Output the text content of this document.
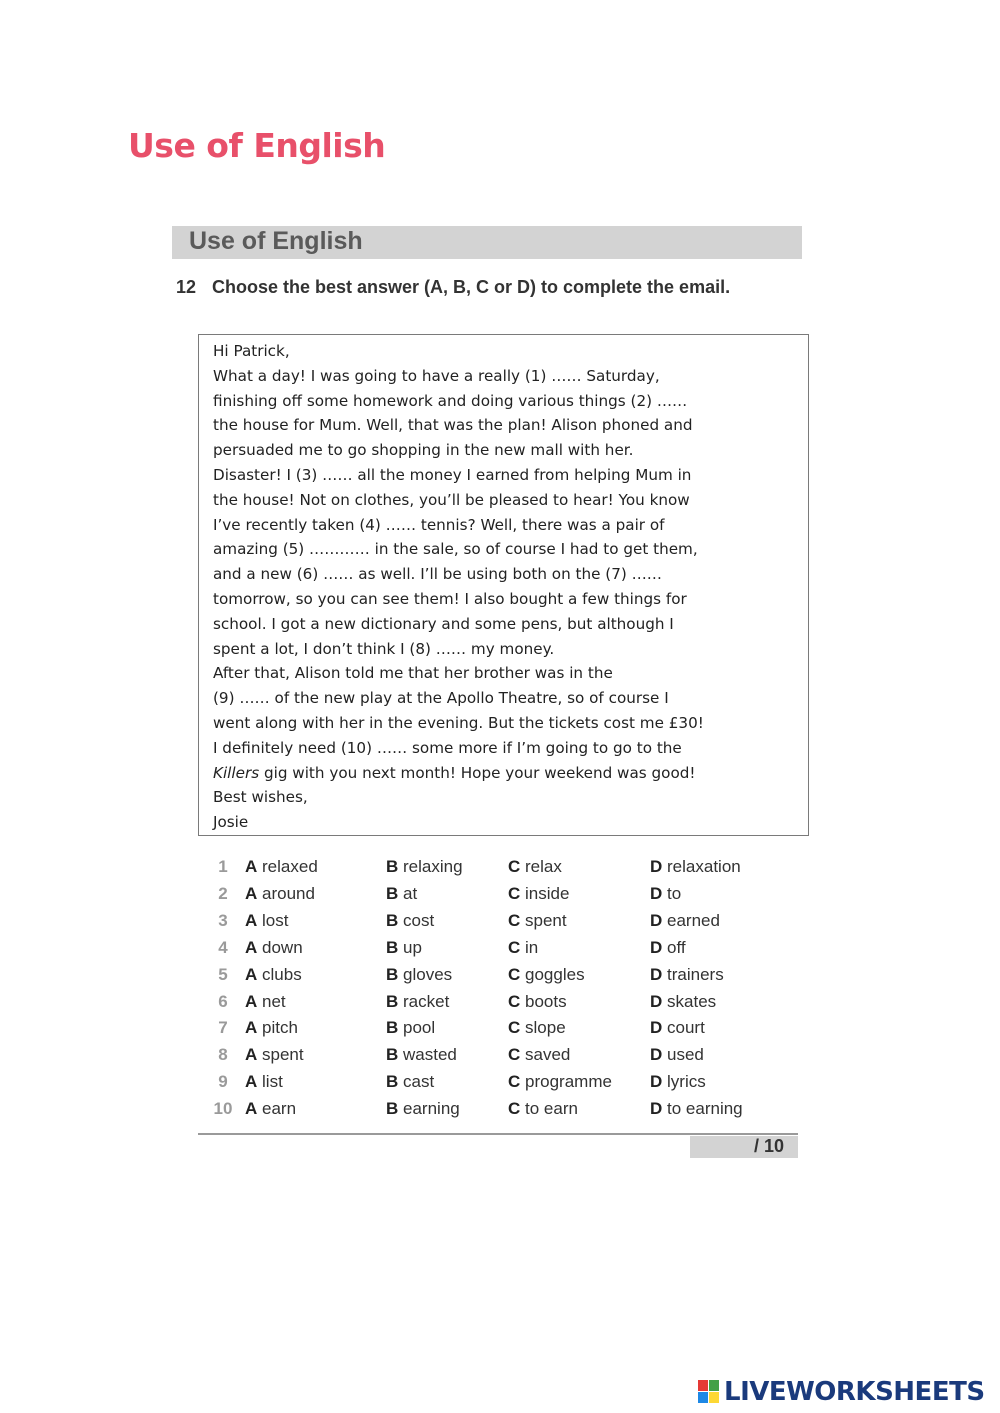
Use of English
Use of English
12 Choose the best answer (A, B, C or D) to complete the email.
Hi Patrick,
What a day! I was going to have a really (1) …… Saturday,
finishing off some homework and doing various things (2) ……
the house for Mum. Well, that was the plan! Alison phoned and
persuaded me to go shopping in the new mall with her.
Disaster! I (3) …… all the money I earned from helping Mum in
the house! Not on clothes, you’ll be pleased to hear! You know
I’ve recently taken (4) …… tennis? Well, there was a pair of
amazing (5) ………… in the sale, so of course I had to get them,
and a new (6) …… as well. I’ll be using both on the (7) ……
tomorrow, so you can see them! I also bought a few things for
school. I got a new dictionary and some pens, but although I
spent a lot, I don’t think I (8) …… my money.
After that, Alison told me that her brother was in the
(9) …… of the new play at the Apollo Theatre, so of course I
went along with her in the evening. But the tickets cost me £30!
I definitely need (10) …… some more if I’m going to go to the
Killers gig with you next month! Hope your weekend was good!
Best wishes,
Josie
1	A relaxed	B relaxing	C relax	D relaxation
2	A around	B at	C inside	D to
3	A lost	B cost	C spent	D earned
4	A down	B up	C in	D off
5	A clubs	B gloves	C goggles	D trainers
6	A net	B racket	C boots	D skates
7	A pitch	B pool	C slope	D court
8	A spent	B wasted	C saved	D used
9	A list	B cast	C programme D lyrics
10 A earn	B earning	C to earn	D to earning
/ 10
LIVEWORKSHEETS
